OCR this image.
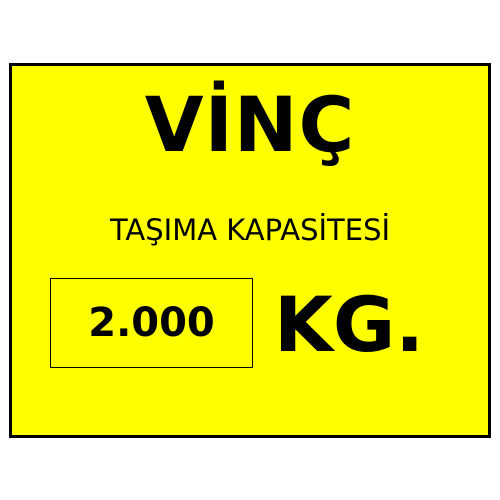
VİNÇ
TAŞIMA KAPASİTESİ
2.000 KG.
